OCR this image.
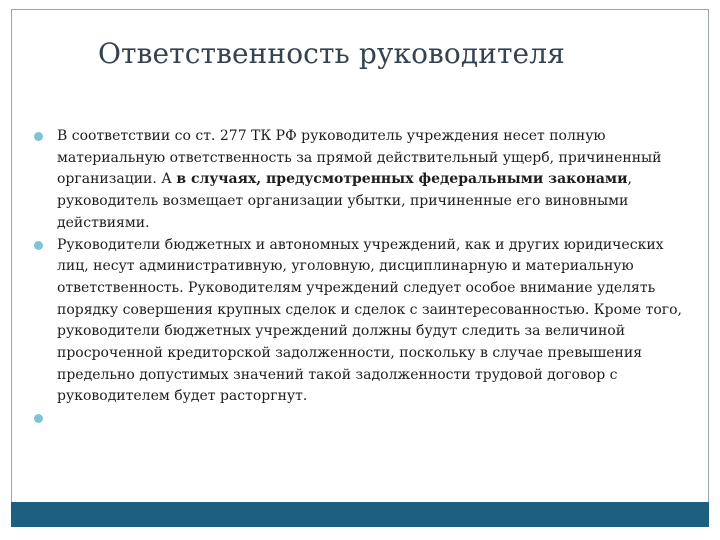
Ответственность руководителя
В соответствии со ст. 277 ТК РФ руководитель учреждения несет полную материальную ответственность за прямой действительный ущерб, причиненный организации. А в случаях, предусмотренных федеральными законами, руководитель возмещает организации убытки, причиненные его виновными действиями.
Руководители бюджетных и автономных учреждений, как и других юридических лиц, несут административную, уголовную, дисциплинарную и материальную ответственность. Руководителям учреждений следует особое внимание уделять порядку совершения крупных сделок и сделок с заинтересованностью. Кроме того, руководители бюджетных учреждений должны будут следить за величиной просроченной кредиторской задолженности, поскольку в случае превышения предельно допустимых значений такой задолженности трудовой договор с руководителем будет расторгнут.
